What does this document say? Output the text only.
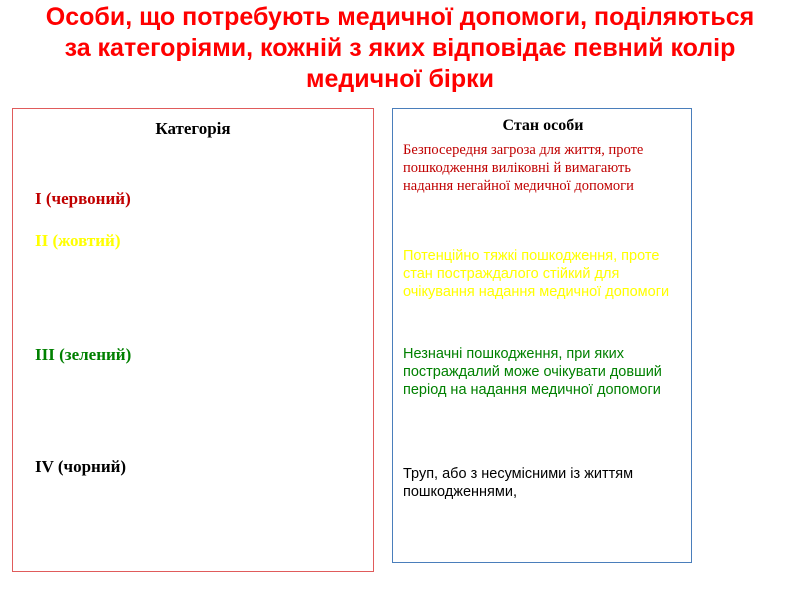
Особи, що потребують медичної допомоги, поділяються за категоріями, кожній з яких відповідає певний колір медичної бірки
Категорія
I (червоний)
II (жовтий)
III (зелений)
IV (чорний)
Стан особи
Безпосередня загроза для життя, проте пошкодження виліковні й вимагають надання негайної медичної допомоги
Потенційно тяжкі пошкодження, проте стан постраждалого стійкий для очікування надання медичної допомоги
Незначні пошкодження, при яких постраждалий може очікувати довший період на надання медичної допомоги
Труп, або з несумісними із життям пошкодженнями,
